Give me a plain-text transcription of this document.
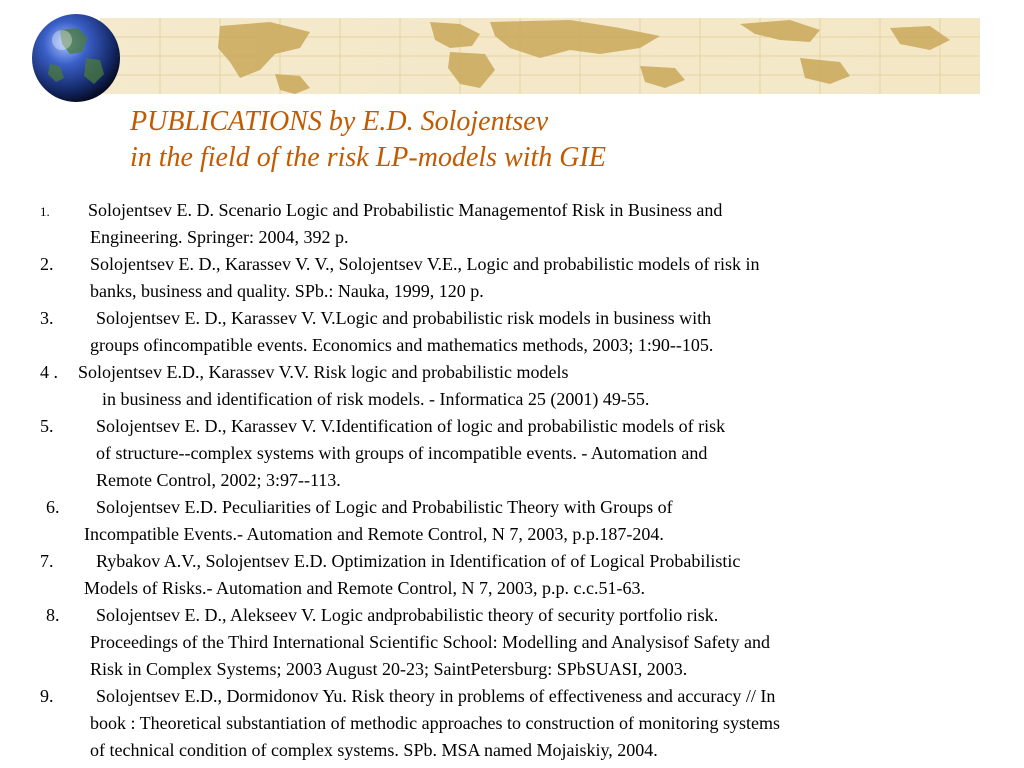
PUBLICATIONS by E.D. Solojentsev
in the field of the risk LP-models with GIE
1. Solojentsev E. D. Scenario Logic and Probabilistic Managementof Risk in Business and
Engineering. Springer: 2004, 392 p.
2. Solojentsev E. D., Karassev V. V., Solojentsev V.E., Logic and probabilistic models of risk in
banks, business and quality. SPb.: Nauka, 1999, 120 p.
3. Solojentsev E. D., Karassev V. V.Logic and probabilistic risk models in business with
groups ofincompatible events. Economics and mathematics methods, 2003; 1:90--105.
4 . Solojentsev E.D., Karassev V.V. Risk logic and probabilistic models
in business and identification of risk models. - Informatica 25 (2001) 49-55.
5. Solojentsev E. D., Karassev V. V.Identification of logic and probabilistic models of risk
of structure--complex systems with groups of incompatible events. - Automation and
Remote Control, 2002; 3:97--113.
6. Solojentsev E.D. Peculiarities of Logic and Probabilistic Theory with Groups of
Incompatible Events.- Automation and Remote Control, N 7, 2003, p.p.187-204.
7. Rybakov A.V., Solojentsev E.D. Optimization in Identification of of Logical Probabilistic
Models of Risks.- Automation and Remote Control, N 7, 2003, p.p. c.c.51-63.
8. Solojentsev E. D., Alekseev V. Logic andprobabilistic theory of security portfolio risk.
Proceedings of the Third International Scientific School: Modelling and Analysisof Safety and
Risk in Complex Systems; 2003 August 20-23; SaintPetersburg: SPbSUASI, 2003.
9. Solojentsev E.D., Dormidonov Yu. Risk theory in problems of effectiveness and accuracy // In
book : Theoretical substantiation of methodic approaches to construction of monitoring systems
of technical condition of complex systems. SPb. MSA named Mojaiskiy, 2004.
